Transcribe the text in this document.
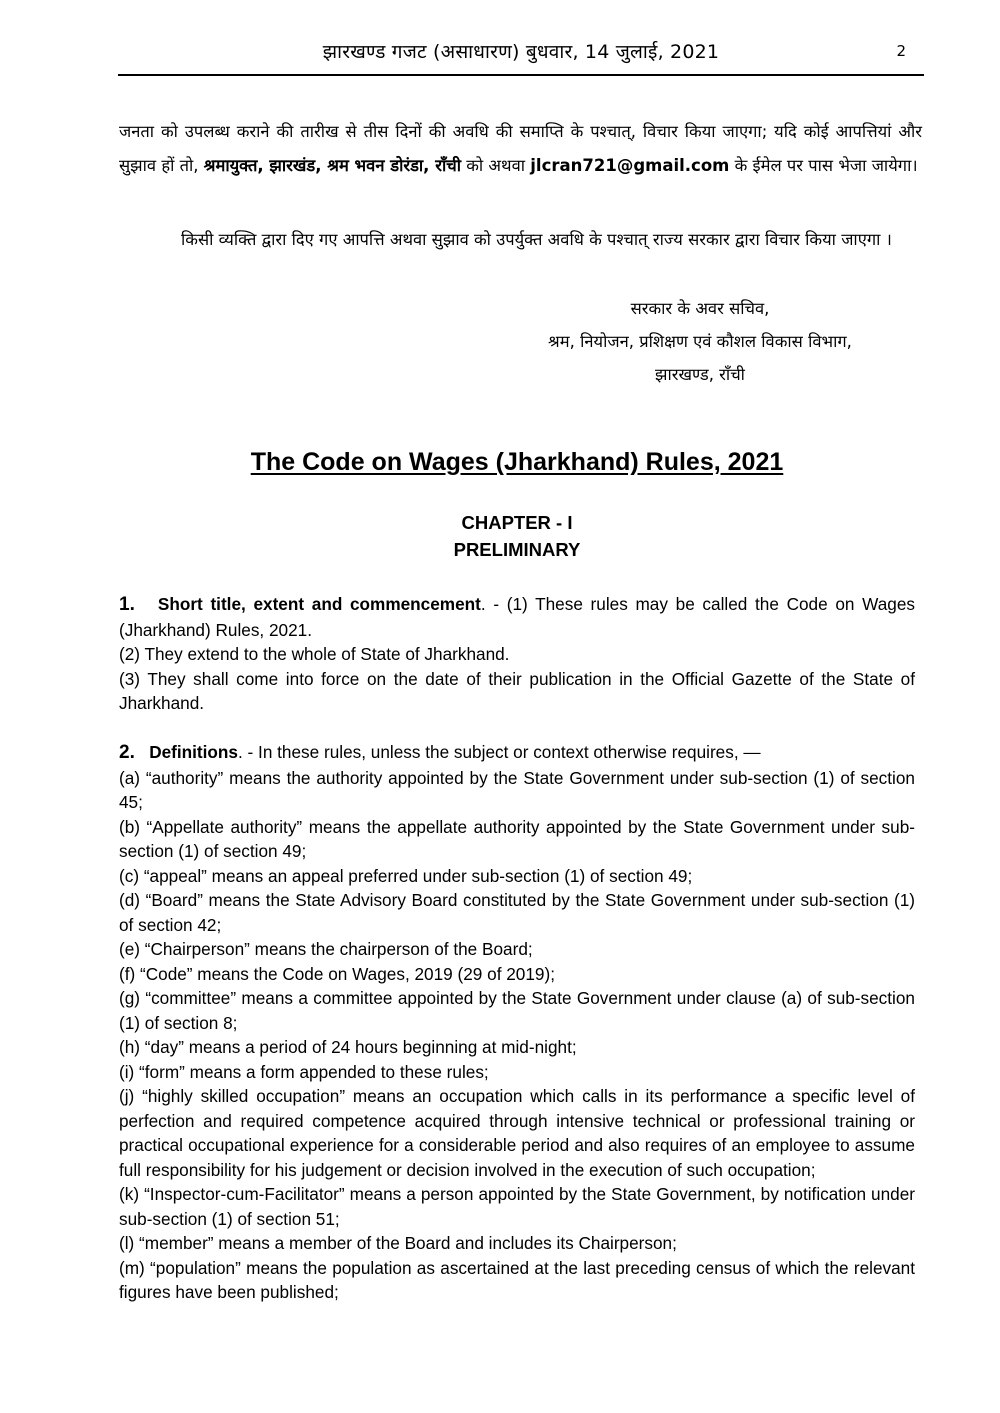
झारखण्ड गजट (असाधारण) बुधवार, 14 जुलाई, 2021	2
जनता को उपलब्ध कराने की तारीख से तीस दिनों की अवधि की समाप्ति के पश्चात्, विचार किया जाएगा; यदि कोई आपत्तियां और सुझाव हों तो, श्रमायुक्त, झारखंड, श्रम भवन डोरंडा, राँची को अथवा jlcran721@gmail.com के ईमेल पर पास भेजा जायेगा।
किसी व्यक्ति द्वारा दिए गए आपत्ति अथवा सुझाव को उपर्युक्त अवधि के पश्चात् राज्य सरकार द्वारा विचार किया जाएगा ।
सरकार के अवर सचिव,
श्रम, नियोजन, प्रशिक्षण एवं कौशल विकास विभाग,
झारखण्ड, राँची
The Code on Wages (Jharkhand) Rules, 2021
CHAPTER - I
PRELIMINARY

1. Short title, extent and commencement. - (1) These rules may be called the Code on Wages (Jharkhand) Rules, 2021.

(2) They extend to the whole of State of Jharkhand.

(3) They shall come into force on the date of their publication in the Official Gazette of the State of Jharkhand.

2. Definitions. - In these rules, unless the subject or context otherwise requires, —

(a) “authority” means the authority appointed by the State Government under sub-section (1) of section 45;

(b) “Appellate authority” means the appellate authority appointed by the State Government under sub-section (1) of section 49;

(c) “appeal” means an appeal preferred under sub-section (1) of section 49;

(d) “Board” means the State Advisory Board constituted by the State Government under sub-section (1) of section 42;

(e) “Chairperson” means the chairperson of the Board;

(f) “Code” means the Code on Wages, 2019 (29 of 2019);

(g) “committee” means a committee appointed by the State Government under clause (a) of sub-section (1) of section 8;

(h) “day” means a period of 24 hours beginning at mid-night;

(i) “form” means a form appended to these rules;

(j) “highly skilled occupation” means an occupation which calls in its performance a specific level of perfection and required competence acquired through intensive technical or professional training or practical occupational experience for a considerable period and also requires of an employee to assume full responsibility for his judgement or decision involved in the execution of such occupation;

(k) “Inspector-cum-Facilitator” means a person appointed by the State Government, by notification under sub-section (1) of section 51;

(l) “member” means a member of the Board and includes its Chairperson;

(m) “population” means the population as ascertained at the last preceding census of which the relevant figures have been published;
